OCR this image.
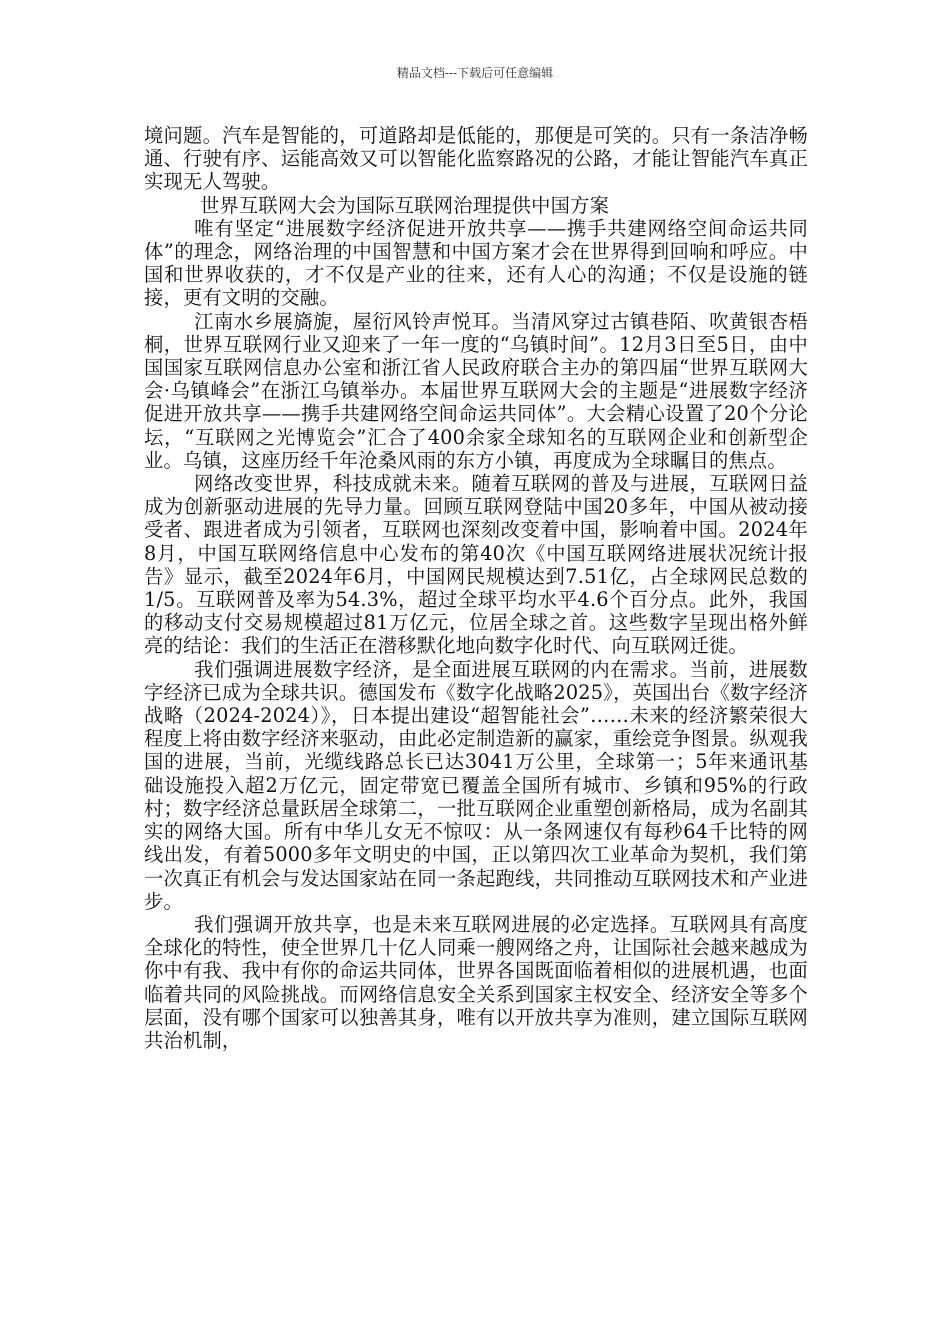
精品文档---下载后可任意编辑

境问题。汽车是智能的，可道路却是低能的，那便是可笑的。只有一条洁净畅通、行驶有序、运能高效又可以智能化监察路况的公路，才能让智能汽车真正实现无人驾驶。

世界互联网大会为国际互联网治理提供中国方案

唯有坚定“进展数字经济促进开放共享——携手共建网络空间命运共同体”的理念，网络治理的中国智慧和中国方案才会在世界得到回响和呼应。中国和世界收获的，才不仅是产业的往来，还有人心的沟通；不仅是设施的链接，更有文明的交融。

江南水乡展旖旎，屋衍风铃声悦耳。当清风穿过古镇巷陌、吹黄银杏梧桐，世界互联网行业又迎来了一年一度的“乌镇时间”。12月3日至5日，由中国国家互联网信息办公室和浙江省人民政府联合主办的第四届“世界互联网大会·乌镇峰会”在浙江乌镇举办。本届世界互联网大会的主题是“进展数字经济促进开放共享——携手共建网络空间命运共同体”。大会精心设置了20个分论坛，“互联网之光博览会”汇合了400余家全球知名的互联网企业和创新型企业。乌镇，这座历经千年沧桑风雨的东方小镇，再度成为全球瞩目的焦点。

网络改变世界，科技成就未来。随着互联网的普及与进展，互联网日益成为创新驱动进展的先导力量。回顾互联网登陆中国20多年，中国从被动接受者、跟进者成为引领者，互联网也深刻改变着中国，影响着中国。2024年8月，中国互联网络信息中心发布的第40次《中国互联网络进展状况统计报告》显示，截至2024年6月，中国网民规模达到7.51亿，占全球网民总数的1/5。互联网普及率为54.3%，超过全球平均水平4.6个百分点。此外，我国的移动支付交易规模超过81万亿元，位居全球之首。这些数字呈现出格外鲜亮的结论：我们的生活正在潜移默化地向数字化时代、向互联网迁徙。

我们强调进展数字经济，是全面进展互联网的内在需求。当前，进展数字经济已成为全球共识。德国发布《数字化战略2025》，英国出台《数字经济战略（2024-2024）》，日本提出建设“超智能社会”……未来的经济繁荣很大程度上将由数字经济来驱动，由此必定制造新的赢家，重绘竞争图景。纵观我国的进展，当前，光缆线路总长已达3041万公里，全球第一；5年来通讯基础设施投入超2万亿元，固定带宽已覆盖全国所有城市、乡镇和95%的行政村；数字经济总量跃居全球第二，一批互联网企业重塑创新格局，成为名副其实的网络大国。所有中华儿女无不惊叹：从一条网速仅有每秒64千比特的网线出发，有着5000多年文明史的中国，正以第四次工业革命为契机，我们第一次真正有机会与发达国家站在同一条起跑线，共同推动互联网技术和产业进步。

我们强调开放共享，也是未来互联网进展的必定选择。互联网具有高度全球化的特性，使全世界几十亿人同乘一艘网络之舟，让国际社会越来越成为你中有我、我中有你的命运共同体，世界各国既面临着相似的进展机遇，也面临着共同的风险挑战。而网络信息安全关系到国家主权安全、经济安全等多个层面，没有哪个国家可以独善其身，唯有以开放共享为准则，建立国际互联网共治机制，
